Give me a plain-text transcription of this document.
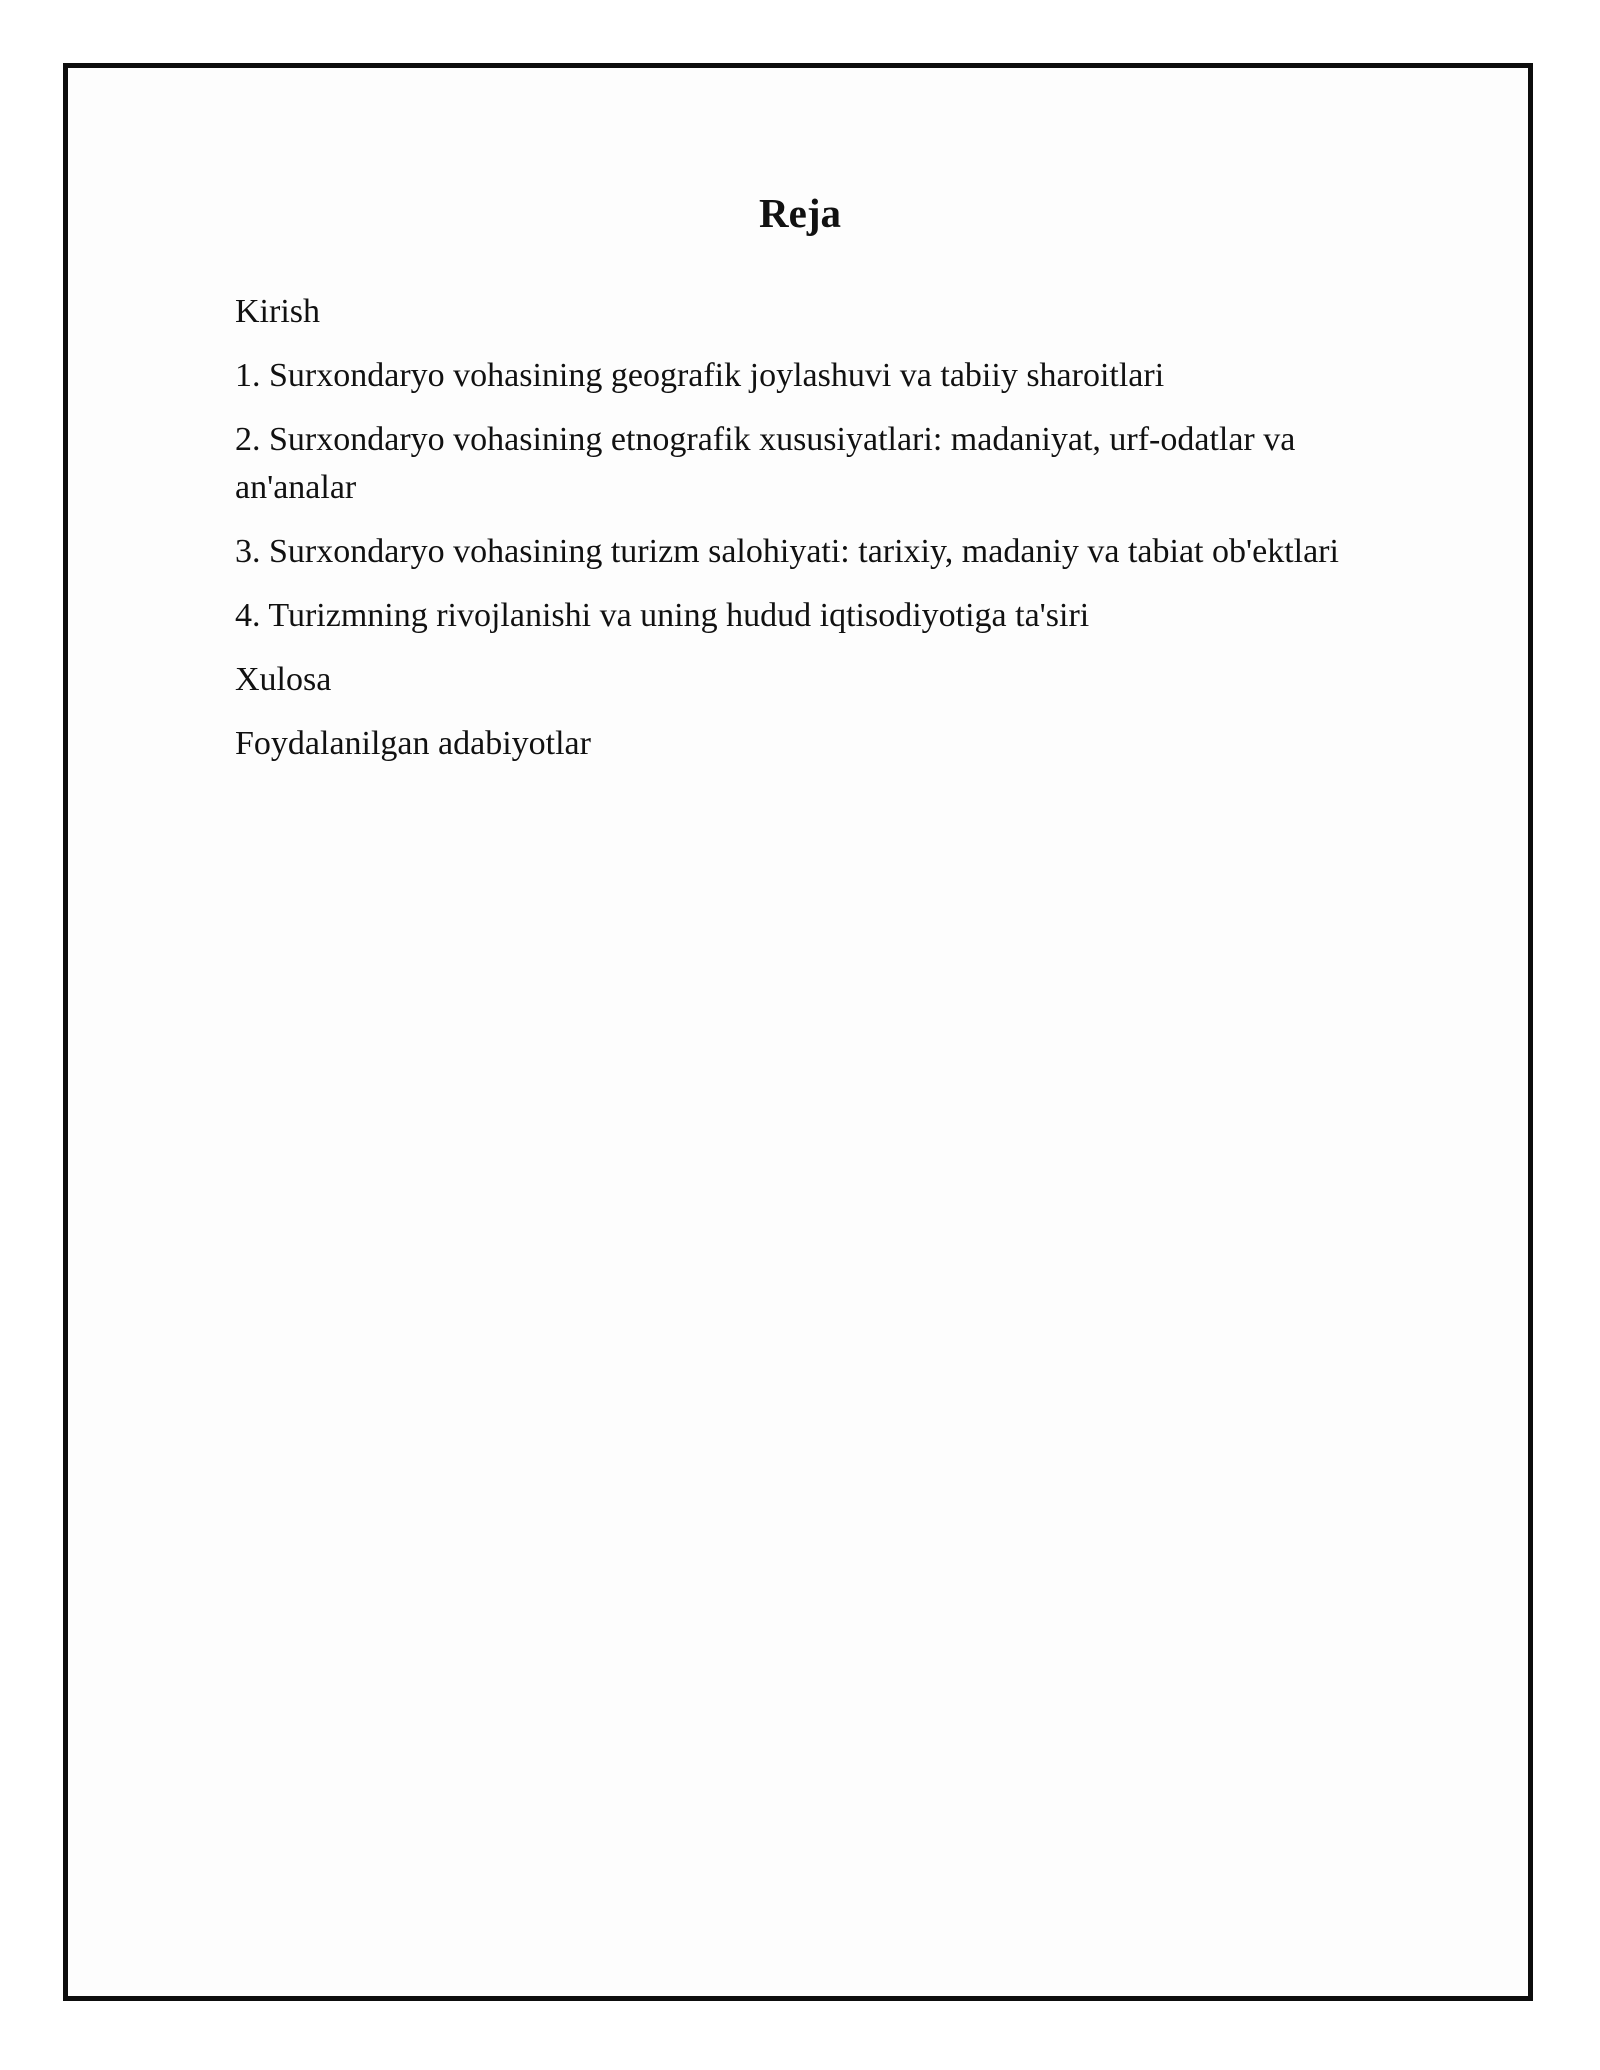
Reja
Kirish
1. Surxondaryo vohasining geografik joylashuvi va tabiiy sharoitlari
2. Surxondaryo vohasining etnografik xususiyatlari: madaniyat, urf-odatlar va an'analar
3. Surxondaryo vohasining turizm salohiyati: tarixiy, madaniy va tabiat ob'ektlari
4. Turizmning rivojlanishi va uning hudud iqtisodiyotiga ta'siri
Xulosa
Foydalanilgan adabiyotlar
